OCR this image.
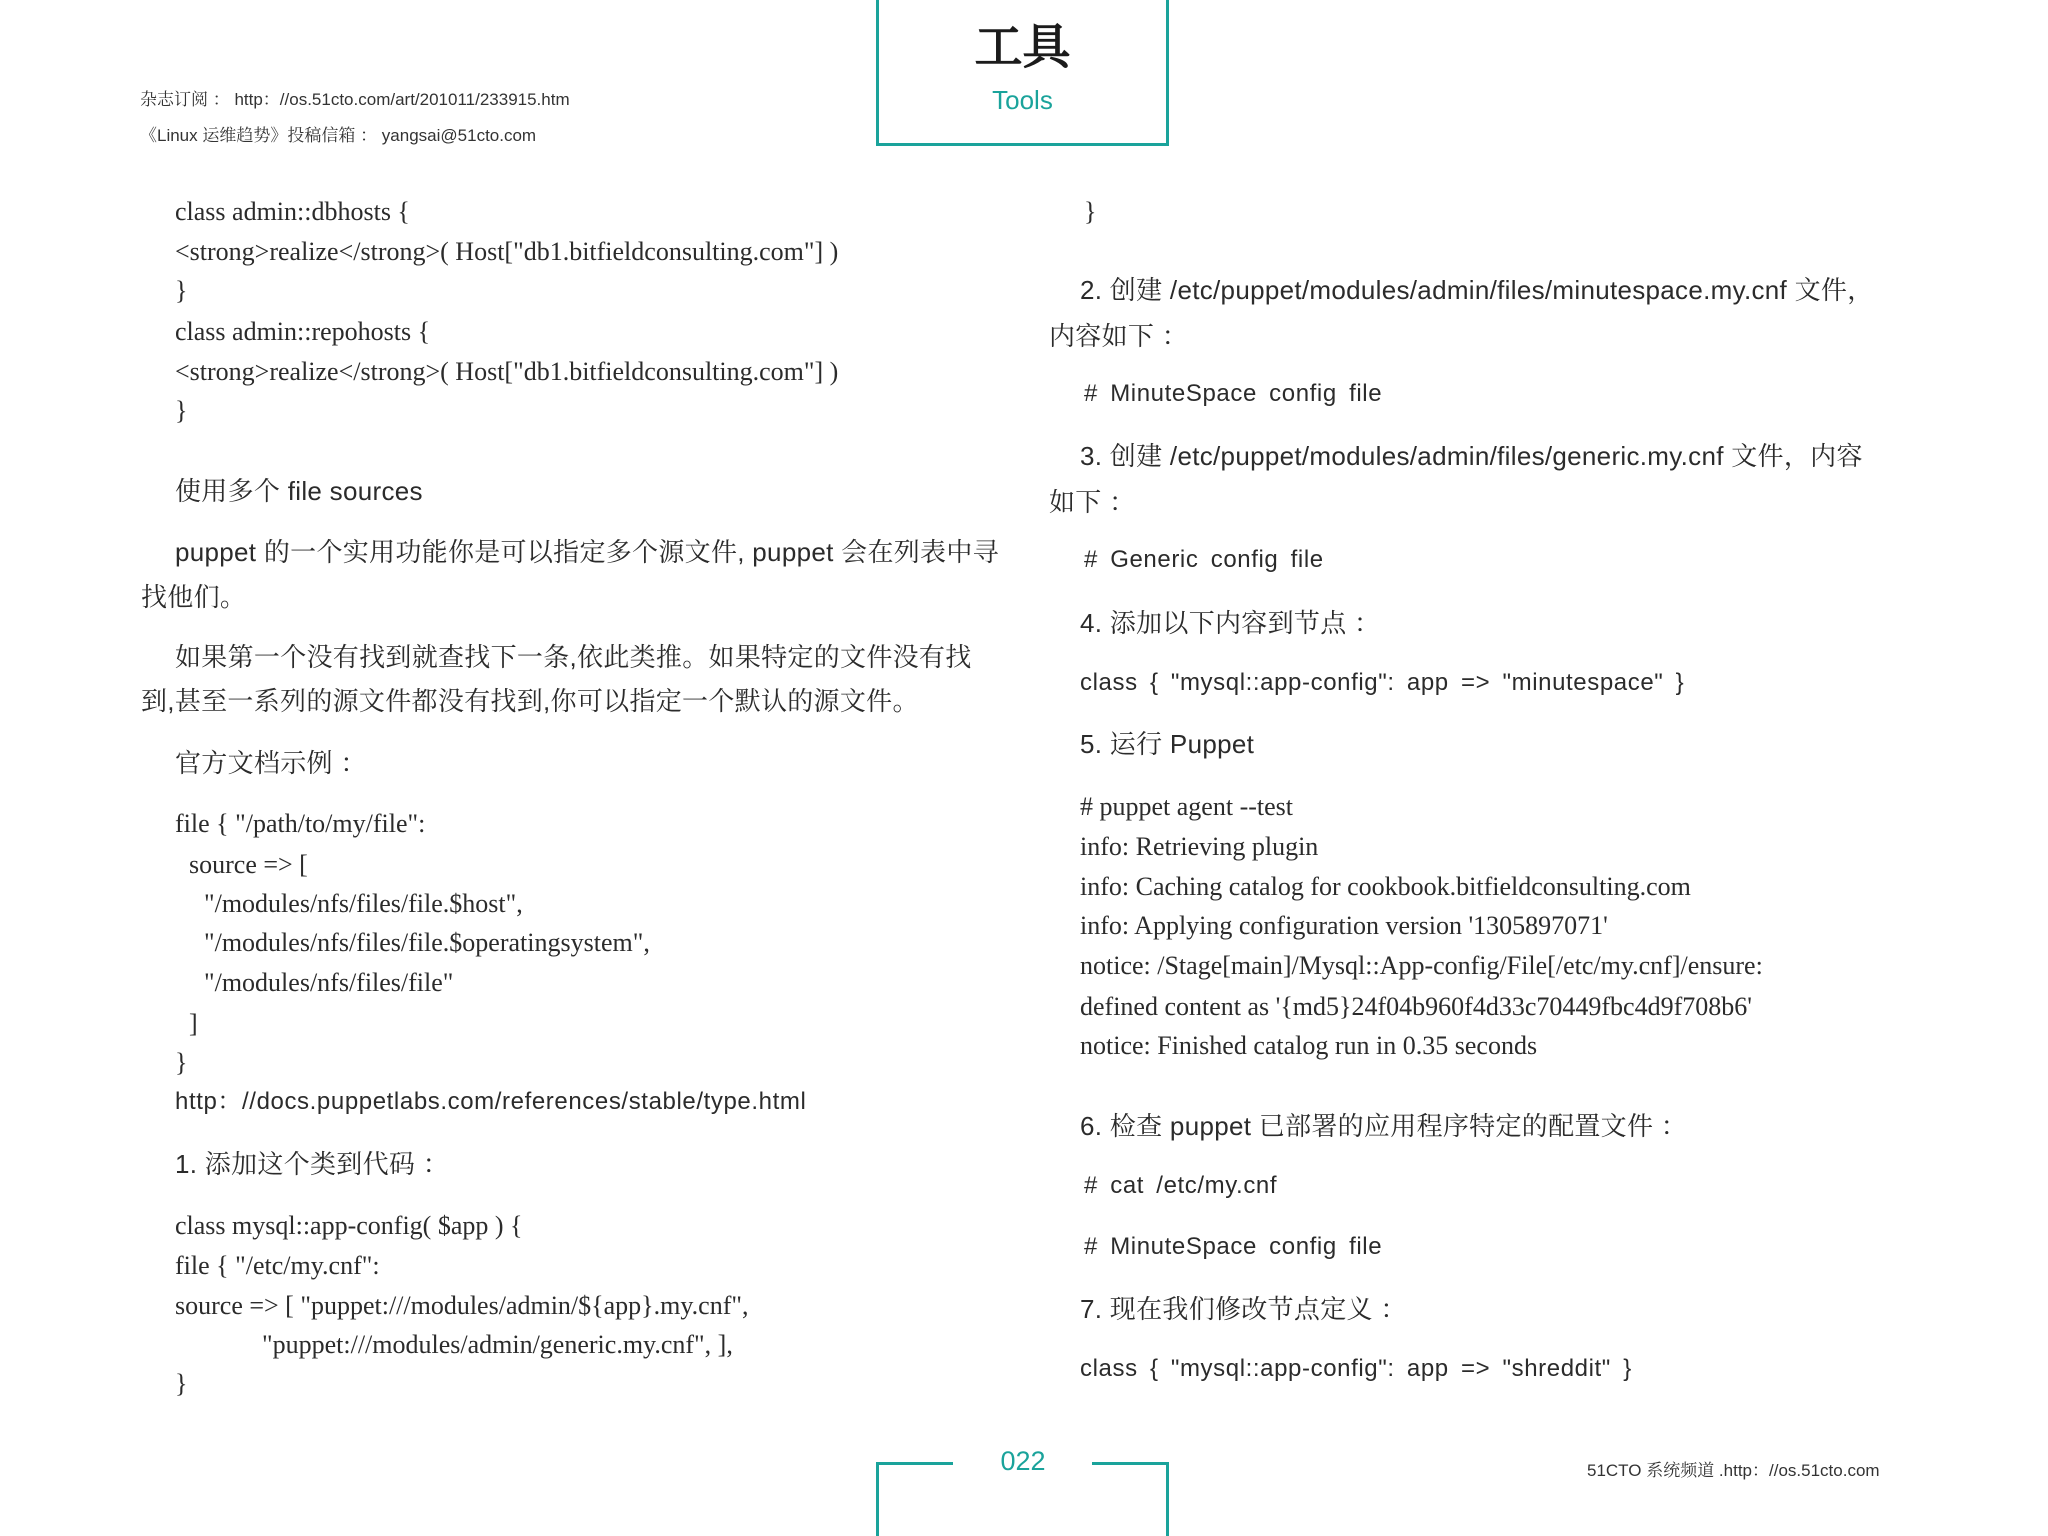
杂志订阅 ： http：//os.51cto.com/art/201011/233915.htm
《Linux 运维趋势》投稿信箱 ： yangsai@51cto.com
工具
Tools
class admin::dbhosts {
<strong>realize</strong>( Host["db1.bitfieldconsulting.com"] )
}
class admin::repohosts {
<strong>realize</strong>( Host["db1.bitfieldconsulting.com"] )
}
使用多个 file sources
puppet 的一个实用功能你是可以指定多个源文件, puppet 会在列表中寻
找他们。
如果第一个没有找到就查找下一条,依此类推。如果特定的文件没有找
到,甚至一系列的源文件都没有找到,你可以指定一个默认的源文件。
官方文档示例 ：
file { "/path/to/my/file":
source => [
"/modules/nfs/files/file.$host",
"/modules/nfs/files/file.$operatingsystem",
"/modules/nfs/files/file"
]
}
http：//docs.puppetlabs.com/references/stable/type.html
1. 添加这个类到代码 ：
class mysql::app-config( $app ) {
file { "/etc/my.cnf":
source => [ "puppet:///modules/admin/${app}.my.cnf",
"puppet:///modules/admin/generic.my.cnf", ],
}
}
2. 创建 /etc/puppet/modules/admin/files/minutespace.my.cnf 文件，
内容如下 ：
# MinuteSpace config file
3. 创建 /etc/puppet/modules/admin/files/generic.my.cnf 文件，内容
如下 ：
# Generic config file
4. 添加以下内容到节点 ：
class { "mysql::app-config": app => "minutespace" }
5. 运行 Puppet
# puppet agent --test
info: Retrieving plugin
info: Caching catalog for cookbook.bitfieldconsulting.com
info: Applying configuration version '1305897071'
notice: /Stage[main]/Mysql::App-config/File[/etc/my.cnf]/ensure:
defined content as '{md5}24f04b960f4d33c70449fbc4d9f708b6'
notice: Finished catalog run in 0.35 seconds
6. 检查 puppet 已部署的应用程序特定的配置文件 ：
# cat /etc/my.cnf
# MinuteSpace config file
7. 现在我们修改节点定义 ：
class { "mysql::app-config": app => "shreddit" }
022	51CTO 系统频道 .http：//os.51cto.com
